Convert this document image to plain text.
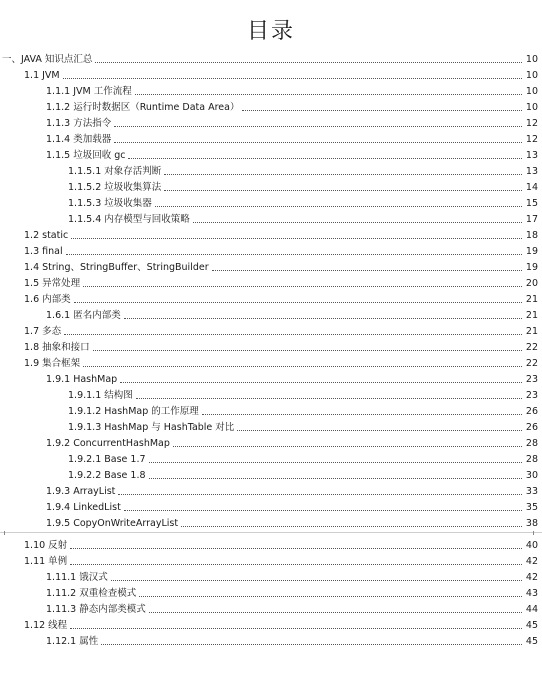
目录
一、JAVA 知识点汇总	10
1.1 JVM	10
1.1.1 JVM 工作流程	10
1.1.2 运行时数据区（Runtime Data Area）	10
1.1.3 方法指令	12
1.1.4 类加载器	12
1.1.5 垃圾回收 gc	13
1.1.5.1 对象存活判断	13
1.1.5.2 垃圾收集算法	14
1.1.5.3 垃圾收集器	15
1.1.5.4 内存模型与回收策略	17
1.2 static	18
1.3 final	19
1.4 String、StringBuffer、StringBuilder	19
1.5 异常处理	20
1.6 内部类	21
1.6.1 匿名内部类	21
1.7 多态	21
1.8 抽象和接口	22
1.9 集合框架	22
1.9.1 HashMap	23
1.9.1.1 结构图	23
1.9.1.2 HashMap 的工作原理	26
1.9.1.3 HashMap 与 HashTable 对比	26
1.9.2 ConcurrentHashMap	28
1.9.2.1 Base 1.7	28
1.9.2.2 Base 1.8	30
1.9.3 ArrayList	33
1.9.4 LinkedList	35
1.9.5 CopyOnWriteArrayList	38
1.10 反射	40
1.11 单例	42
1.11.1 饿汉式	42
1.11.2 双重检查模式	43
1.11.3 静态内部类模式	44
1.12 线程	45
1.12.1 属性	45
